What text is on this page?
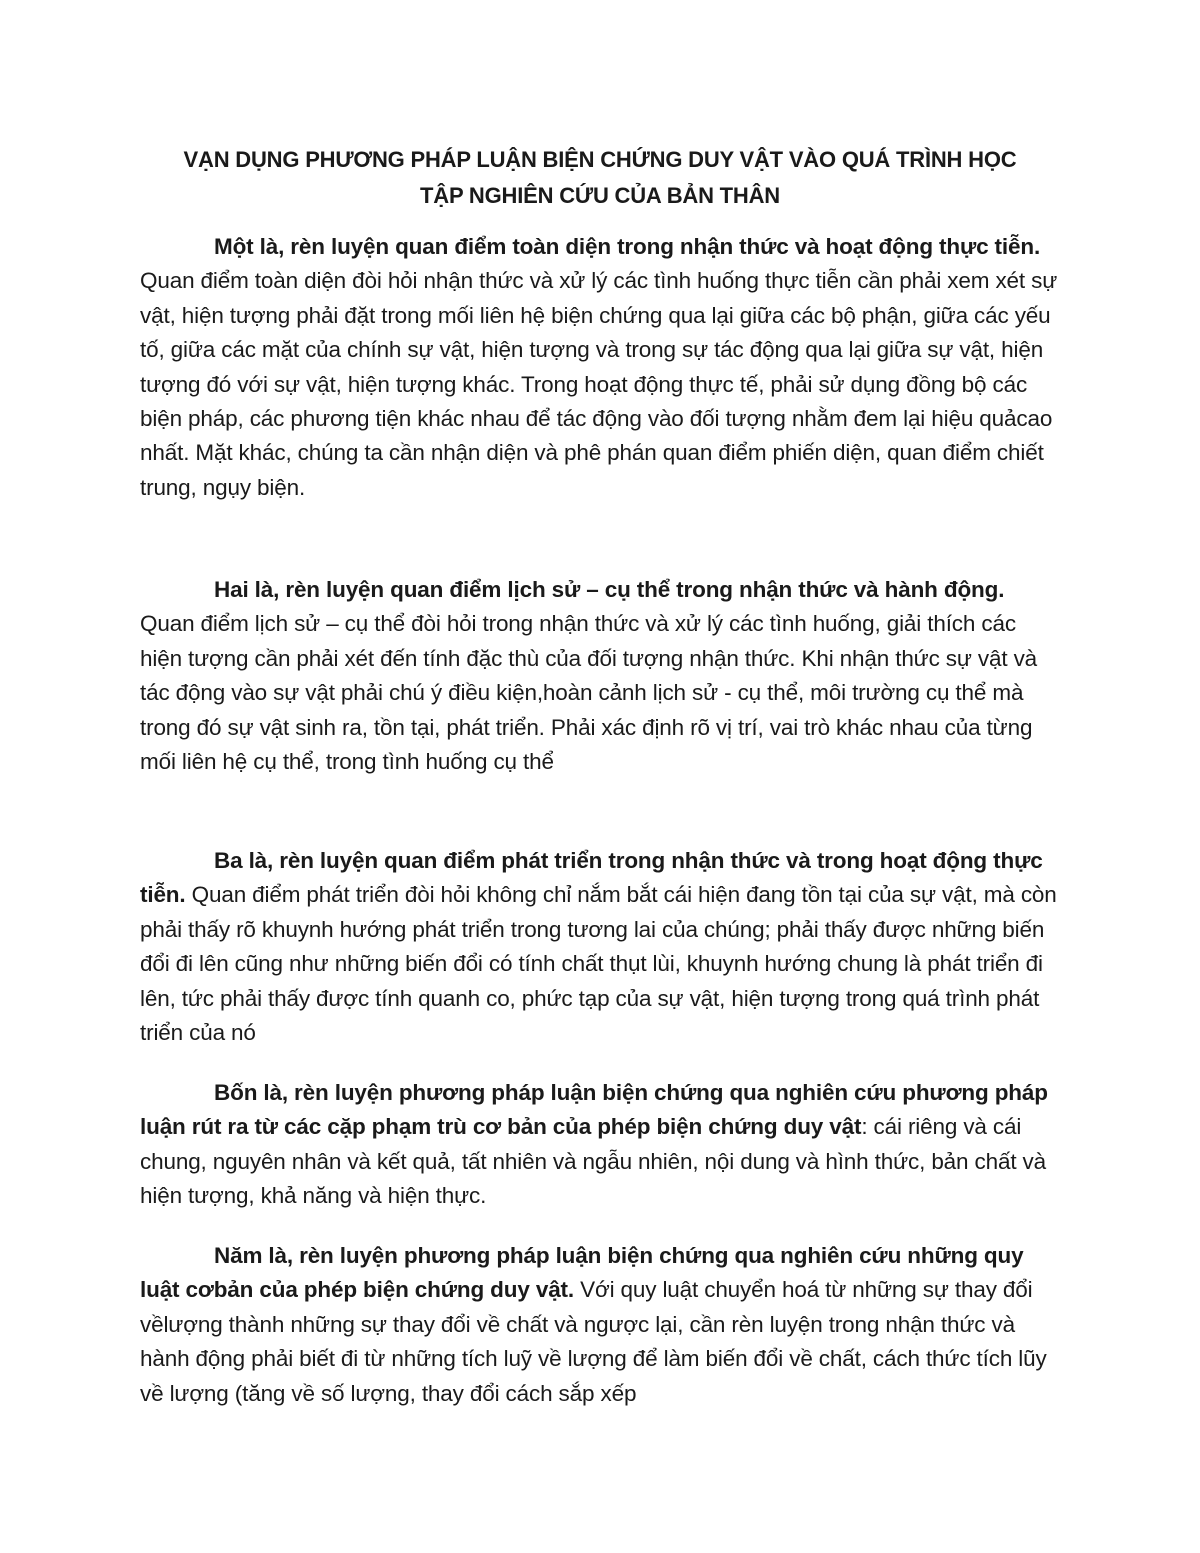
VẠN DỤNG PHƯƠNG PHÁP LUẬN BIỆN CHỨNG DUY VẬT VÀO QUÁ TRÌNH HỌC
TẬP NGHIÊN CỨU CỦA BẢN THÂN

Một là, rèn luyện quan điểm toàn diện trong nhận thức và hoạt động thực tiễn. Quan điểm toàn diện đòi hỏi nhận thức và xử lý các tình huống thực tiễn cần phải xem xét sự vật, hiện tượng phải đặt trong mối liên hệ biện chứng qua lại giữa các bộ phận, giữa các yếu tố, giữa các mặt của chính sự vật, hiện tượng và trong sự tác động qua lại giữa sự vật, hiện tượng đó với sự vật, hiện tượng khác. Trong hoạt động thực tế, phải sử dụng đồng bộ các biện pháp, các phương tiện khác nhau để tác động vào đối tượng nhằm đem lại hiệu quảcao nhất. Mặt khác, chúng ta cần nhận diện và phê phán quan điểm phiến diện, quan điểm chiết trung, ngụy biện.

Hai là, rèn luyện quan điểm lịch sử – cụ thể trong nhận thức và hành động. Quan điểm lịch sử – cụ thể đòi hỏi trong nhận thức và xử lý các tình huống, giải thích các hiện tượng cần phải xét đến tính đặc thù của đối tượng nhận thức. Khi nhận thức sự vật và tác động vào sự vật phải chú ý điều kiện,hoàn cảnh lịch sử - cụ thể, môi trường cụ thể mà trong đó sự vật sinh ra, tồn tại, phát triển. Phải xác định rõ vị trí, vai trò khác nhau của từng mối liên hệ cụ thể, trong tình huống cụ thể

Ba là, rèn luyện quan điểm phát triển trong nhận thức và trong hoạt động thực tiễn. Quan điểm phát triển đòi hỏi không chỉ nắm bắt cái hiện đang tồn tại của sự vật, mà còn phải thấy rõ khuynh hướng phát triển trong tương lai của chúng; phải thấy được những biến đổi đi lên cũng như những biến đổi có tính chất thụt lùi, khuynh hướng chung là phát triển đi lên, tức phải thấy được tính quanh co, phức tạp của sự vật, hiện tượng trong quá trình phát triển của nó

Bốn là, rèn luyện phương pháp luận biện chứng qua nghiên cứu phương pháp luận rút ra từ các cặp phạm trù cơ bản của phép biện chứng duy vật: cái riêng và cái chung, nguyên nhân và kết quả, tất nhiên và ngẫu nhiên, nội dung và hình thức, bản chất và hiện tượng, khả năng và hiện thực.

Năm là, rèn luyện phương pháp luận biện chứng qua nghiên cứu những quy luật cơbản của phép biện chứng duy vật. Với quy luật chuyển hoá từ những sự thay đổi vềlượng thành những sự thay đổi về chất và ngược lại, cần rèn luyện trong nhận thức và hành động phải biết đi từ những tích luỹ về lượng để làm biến đổi về chất, cách thức tích lũy về lượng (tăng về số lượng, thay đổi cách sắp xếp
